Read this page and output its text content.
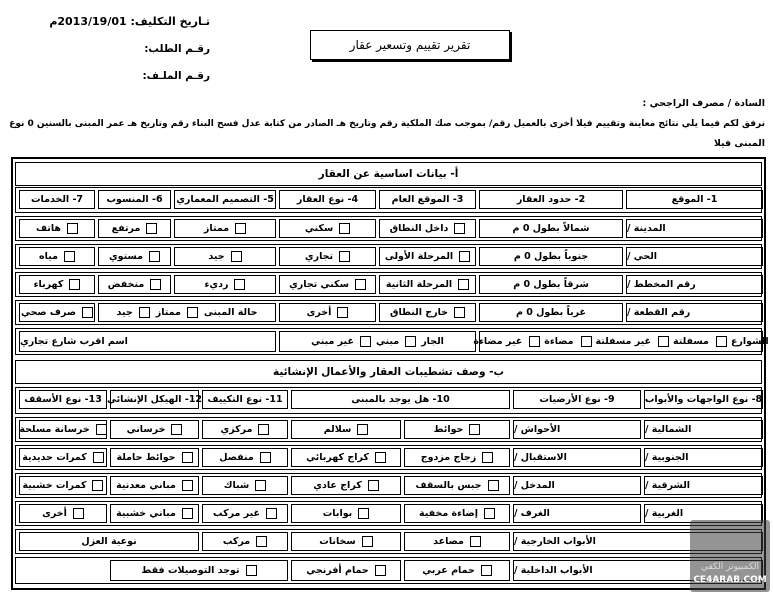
تـاريخ التكليف: 2013/19/01م
رقـم الطلب:
رقـم الملـف:
تقرير تقييم وتسعير عقار
السادة / مصرف الراجحي :
نرفق لكم فيما يلي نتائج معاينة وتقييم فيلا أخرى بالعميل رقم/ بموجب صك الملكية رقم وتاريخ هـ الصادر من كتابة عدل فسح البناء رقم وتاريخ هـ عمر المبنى بالسنين 0 نوع
المبنى فيلا
أ- بيانات اساسية عن العقار
1- الموقع
2- حدود العقار
3- الموقع العام
4- نوع العقار
5- التصميم المعماري
6- المنسوب
7- الخدمات
المدينة /
شمالاً بطول 0 م
داخل النطاق
سكني
ممتاز
مرتفع
هاتف
الحي /
جنوباً بطول 0 م
المرحلة الأولى
تجاري
جيد
مستوي
مياه
رقم المخطط /
شرقاً بطول 0 م
المرحلة الثانية
سكني تجاري
رديء
منخفض
كهرباء
رقم القطعة /
غرباً بطول 0 م
خارج النطاق
أخرى
حالة المبنى
ممتاز
جيد
صرف صحي
الشوارع
مسفلتة
غير مسفلتة
مضاءة
غير مضاءة
الجار
مبني
غير مبني
اسم اقرب شارع تجاري
ب- وصف تشطيبات العقار والأعمال الإنشائية
8- نوع الواجهات والأبواب
9- نوع الأرضيات
10- هل يوجد بالمبنى
11- نوع التكييف
12- الهيكل الإنشائي
13- نوع الأسقف
الشمالية /
الأحواش /
حوائط
سلالم
مركزي
خرساني
خرسانة مسلحة
الجنوبية /
الاستقبال /
زجاج مزدوج
كراج كهربائي
منفصل
حوائط حاملة
كمرات حديدية
الشرقية /
المدخل /
جبس بالسقف
كراج عادي
شباك
مباني معدنية
كمرات خشبية
الغربية /
الغرف /
إضاءة مخفية
بوابات
غير مركب
مباني خشبية
أخرى
الأبواب الخارجية /
مصاعد
سخانات
مركب
نوعية العزل
الأبواب الداخلية /
حمام عربي
حمام أفرنجي
توجد التوصيلات فقط	الكمبيوتر الكفي
CE4ARAB.COM
